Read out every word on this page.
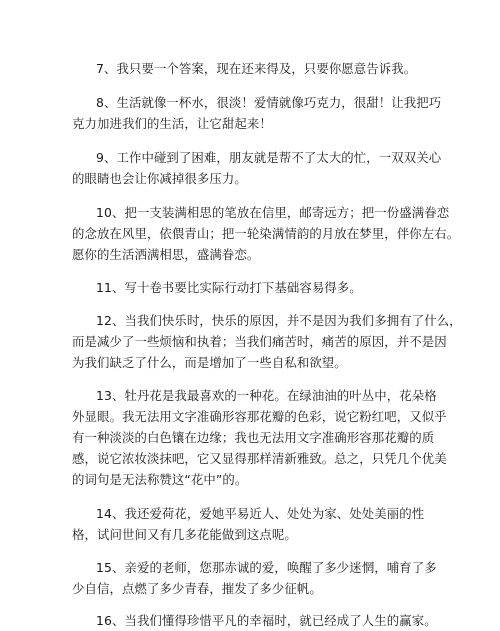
7、我只要一个答案，现在还来得及，只要你愿意告诉我。
8、生活就像一杯水，很淡！爱情就像巧克力，很甜！让我把巧
克力加进我们的生活，让它甜起来！
9、工作中碰到了困难，朋友就是帮不了太大的忙，一双双关心
的眼睛也会让你减掉很多压力。
10、把一支装满相思的笔放在信里，邮寄远方；把一份盛满眷恋
的念放在风里，依偎青山；把一轮染满情韵的月放在梦里，伴你左右。
愿你的生活洒满相思，盛满眷恋。
11、写十卷书要比实际行动打下基础容易得多。
12、当我们快乐时，快乐的原因，并不是因为我们多拥有了什么，
而是减少了一些烦恼和执着；当我们痛苦时，痛苦的原因，并不是因
为我们缺乏了什么，而是增加了一些自私和欲望。
13、牡丹花是我最喜欢的一种花。在绿油油的叶丛中，花朵格
外显眼。我无法用文字准确形容那花瓣的色彩，说它粉红吧，又似乎
有一种淡淡的白色镶在边缘；我也无法用文字准确形容那花瓣的质
感，说它浓妆淡抹吧，它又显得那样清新雅致。总之，只凭几个优美
的词句是无法称赞这“花中”的。
14、我还爱荷花，爱她平易近人、处处为家、处处美丽的性
格，试问世间又有几多花能做到这点呢。
15、亲爱的老师，您那赤诚的爱，唤醒了多少迷惘，哺育了多
少自信，点燃了多少青春，摧发了多少征帆。
16、当我们懂得珍惜平凡的幸福时，就已经成了人生的赢家。
